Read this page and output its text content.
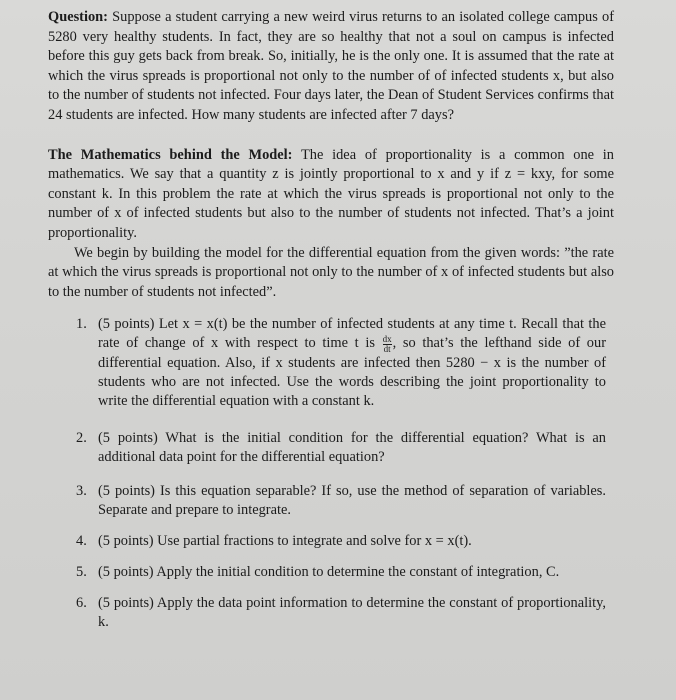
Question: Suppose a student carrying a new weird virus returns to an isolated college campus of 5280 very healthy students. In fact, they are so healthy that not a soul on campus is infected before this guy gets back from break. So, initially, he is the only one. It is assumed that the rate at which the virus spreads is proportional not only to the number of of infected students x, but also to the number of students not infected. Four days later, the Dean of Student Services confirms that 24 students are infected. How many students are infected after 7 days?

The Mathematics behind the Model: The idea of proportionality is a common one in mathematics. We say that a quantity z is jointly proportional to x and y if z = kxy, for some constant k. In this problem the rate at which the virus spreads is proportional not only to the number of x of infected students but also to the number of students not infected. That’s a joint proportionality.

We begin by building the model for the differential equation from the given words: ”the rate at which the virus spreads is proportional not only to the number of x of infected students but also to the number of students not infected”.

1. (5 points) Let x = x(t) be the number of infected students at any time t. Recall that the rate of change of x with respect to time t is $\frac{dx}{dt}$ , so that’s the lefthand side of our differential equation. Also, if x students are infected then 5280 − x is the number of students who are not infected. Use the words describing the joint proportionality to write the differential equation with a constant k.
2. (5 points) What is the initial condition for the differential equation? What is an additional data point for the differential equation?
3. (5 points) Is this equation separable? If so, use the method of separation of variables. Separate and prepare to integrate.
4. (5 points) Use partial fractions to integrate and solve for x = x(t).
5. (5 points) Apply the initial condition to determine the constant of integration, C.
6. (5 points) Apply the data point information to determine the constant of proportionality, k.
